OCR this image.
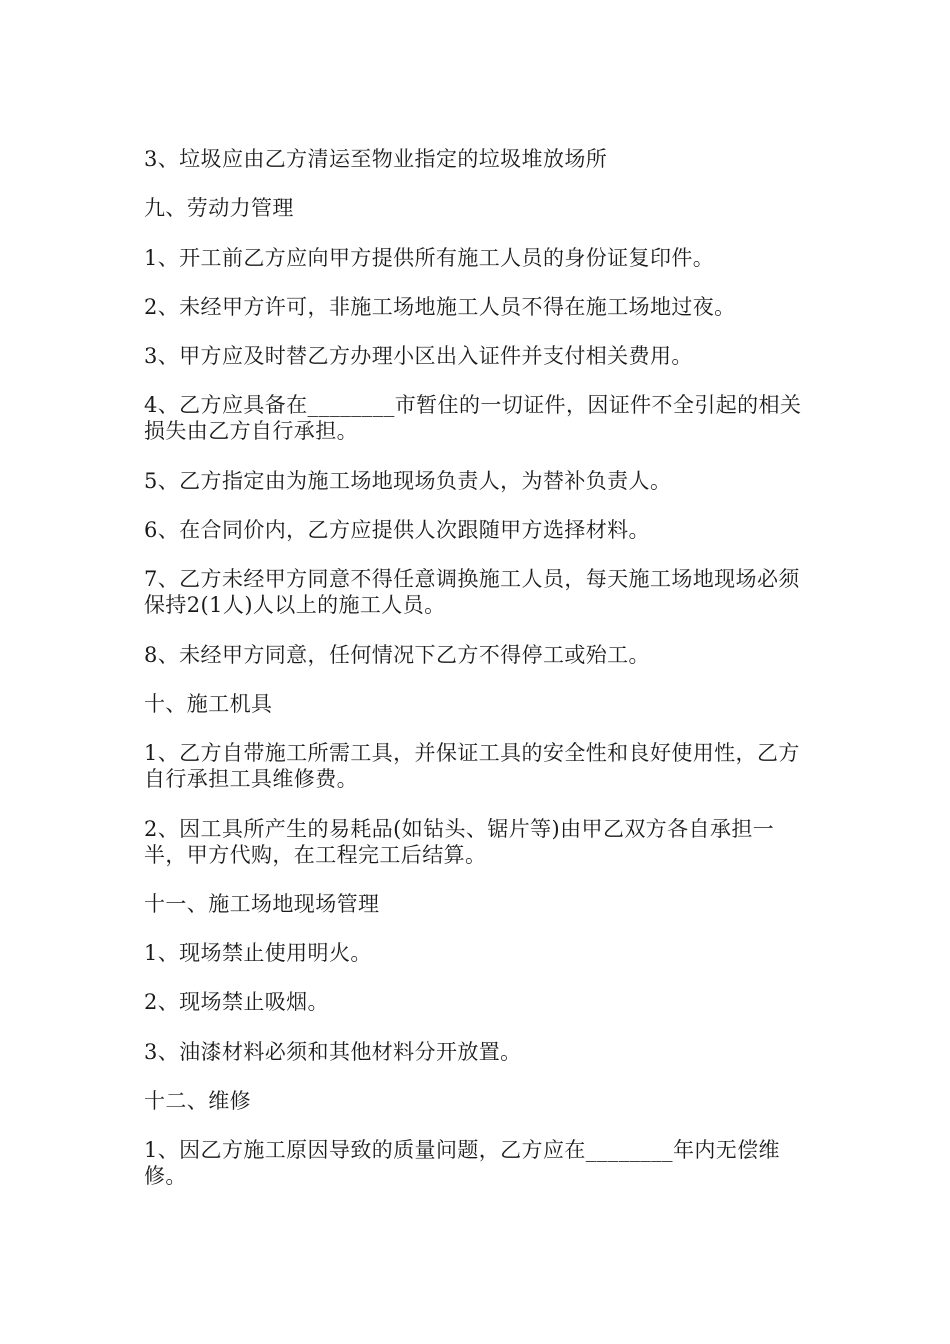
3、垃圾应由乙方清运至物业指定的垃圾堆放场所

九、劳动力管理

1、开工前乙方应向甲方提供所有施工人员的身份证复印件。

2、未经甲方许可，非施工场地施工人员不得在施工场地过夜。

3、甲方应及时替乙方办理小区出入证件并支付相关费用。

4、乙方应具备在________市暂住的一切证件，因证件不全引起的相关损失由乙方自行承担。

5、乙方指定由为施工场地现场负责人，为替补负责人。

6、在合同价内，乙方应提供人次跟随甲方选择材料。

7、乙方未经甲方同意不得任意调换施工人员，每天施工场地现场必须保持2(1人)人以上的施工人员。

8、未经甲方同意，任何情况下乙方不得停工或殆工。

十、施工机具

1、乙方自带施工所需工具，并保证工具的安全性和良好使用性，乙方自行承担工具维修费。

2、因工具所产生的易耗品(如钻头、锯片等)由甲乙双方各自承担一半，甲方代购，在工程完工后结算。

十一、施工场地现场管理

1、现场禁止使用明火。

2、现场禁止吸烟。

3、油漆材料必须和其他材料分开放置。

十二、维修

1、因乙方施工原因导致的质量问题，乙方应在________年内无偿维修。
